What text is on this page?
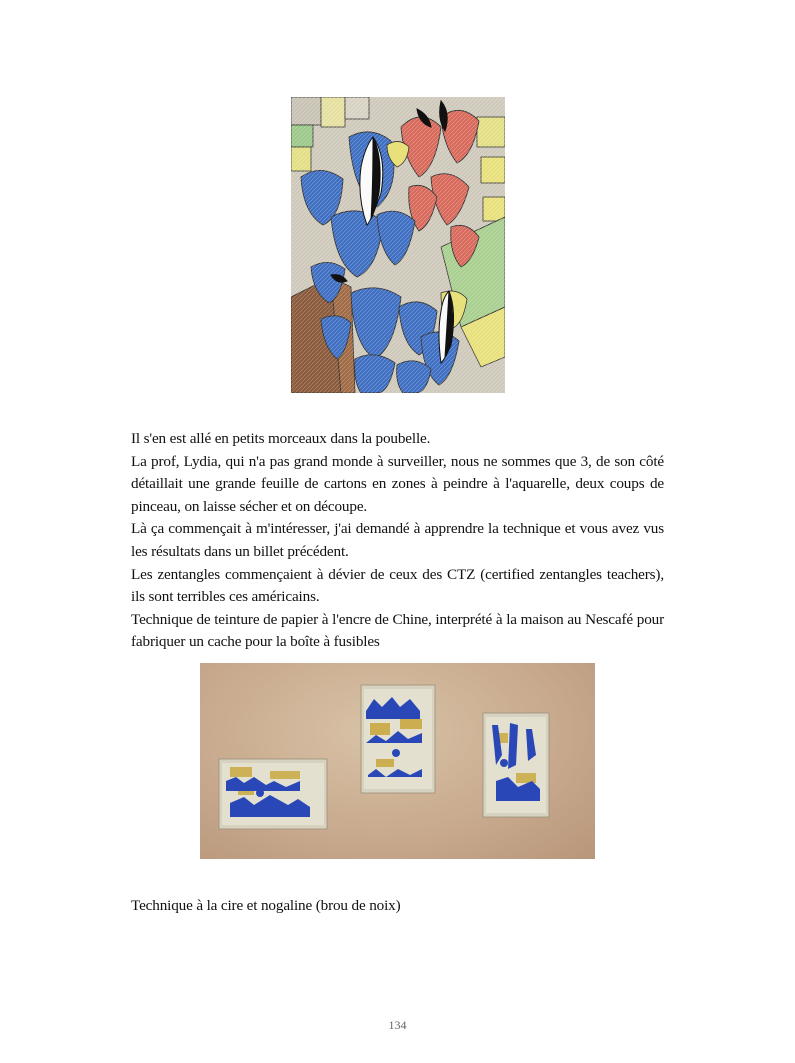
Il s'en est allé en petits morceaux dans la poubelle.

La prof, Lydia, qui n'a pas grand monde à surveiller, nous ne sommes que 3, de son côté détaillait une grande feuille de cartons en zones à peindre à l'aquarelle, deux coups de pinceau, on laisse sécher et on découpe.

Là ça commençait à m'intéresser, j'ai demandé à apprendre la technique et vous avez vus les résultats dans un billet précédent.

Les zentangles commençaient à dévier de ceux des CTZ (certified zentangles teachers), ils sont terribles ces américains.

Technique de teinture de papier à l'encre de Chine, interprété à la maison au Nescafé pour fabriquer un cache pour la boîte à fusibles

Technique à la cire et nogaline (brou de noix)
134
